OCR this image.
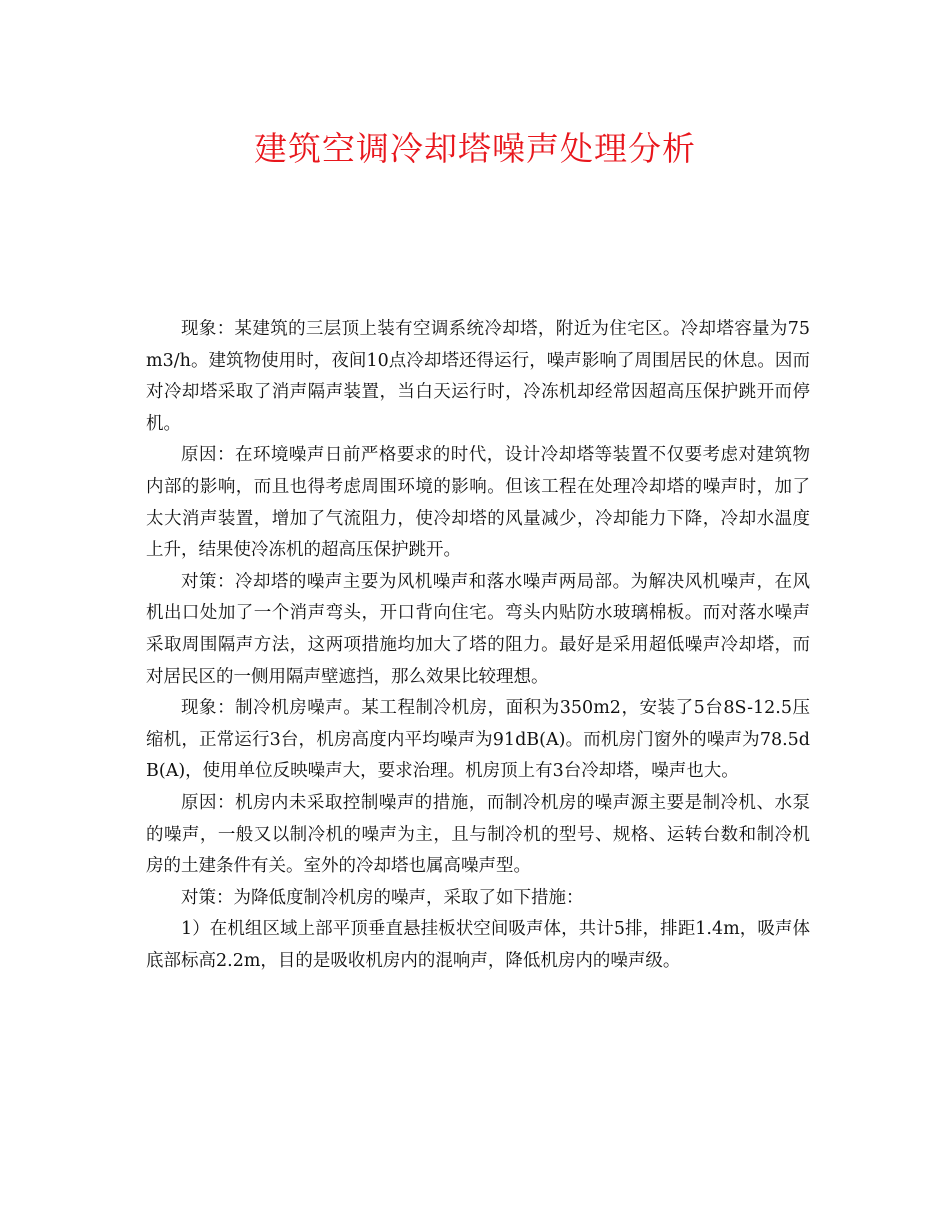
建筑空调冷却塔噪声处理分析

现象：某建筑的三层顶上装有空调系统冷却塔，附近为住宅区。冷却塔容量为75m3/h。建筑物使用时，夜间10点冷却塔还得运行，噪声影响了周围居民的休息。因而对冷却塔采取了消声隔声装置，当白天运行时，冷冻机却经常因超高压保护跳开而停机。

原因：在环境噪声日前严格要求的时代，设计冷却塔等装置不仅要考虑对建筑物内部的影响，而且也得考虑周围环境的影响。但该工程在处理冷却塔的噪声时，加了太大消声装置，增加了气流阻力，使冷却塔的风量减少，冷却能力下降，冷却水温度上升，结果使冷冻机的超高压保护跳开。

对策：冷却塔的噪声主要为风机噪声和落水噪声两局部。为解决风机噪声，在风机出口处加了一个消声弯头，开口背向住宅。弯头内贴防水玻璃棉板。而对落水噪声采取周围隔声方法，这两项措施均加大了塔的阻力。最好是采用超低噪声冷却塔，而对居民区的一侧用隔声壁遮挡，那么效果比较理想。

现象：制冷机房噪声。某工程制冷机房，面积为350m2，安装了5台8S-12.5压缩机，正常运行3台，机房高度内平均噪声为91dB(A)。而机房门窗外的噪声为78.5dB(A)，使用单位反映噪声大，要求治理。机房顶上有3台冷却塔，噪声也大。

原因：机房内未采取控制噪声的措施，而制冷机房的噪声源主要是制冷机、水泵的噪声，一般又以制冷机的噪声为主，且与制冷机的型号、规格、运转台数和制冷机房的土建条件有关。室外的冷却塔也属高噪声型。

对策：为降低度制冷机房的噪声，采取了如下措施：

1）在机组区域上部平顶垂直悬挂板状空间吸声体，共计5排，排距1.4m，吸声体底部标高2.2m，目的是吸收机房内的混响声，降低机房内的噪声级。
